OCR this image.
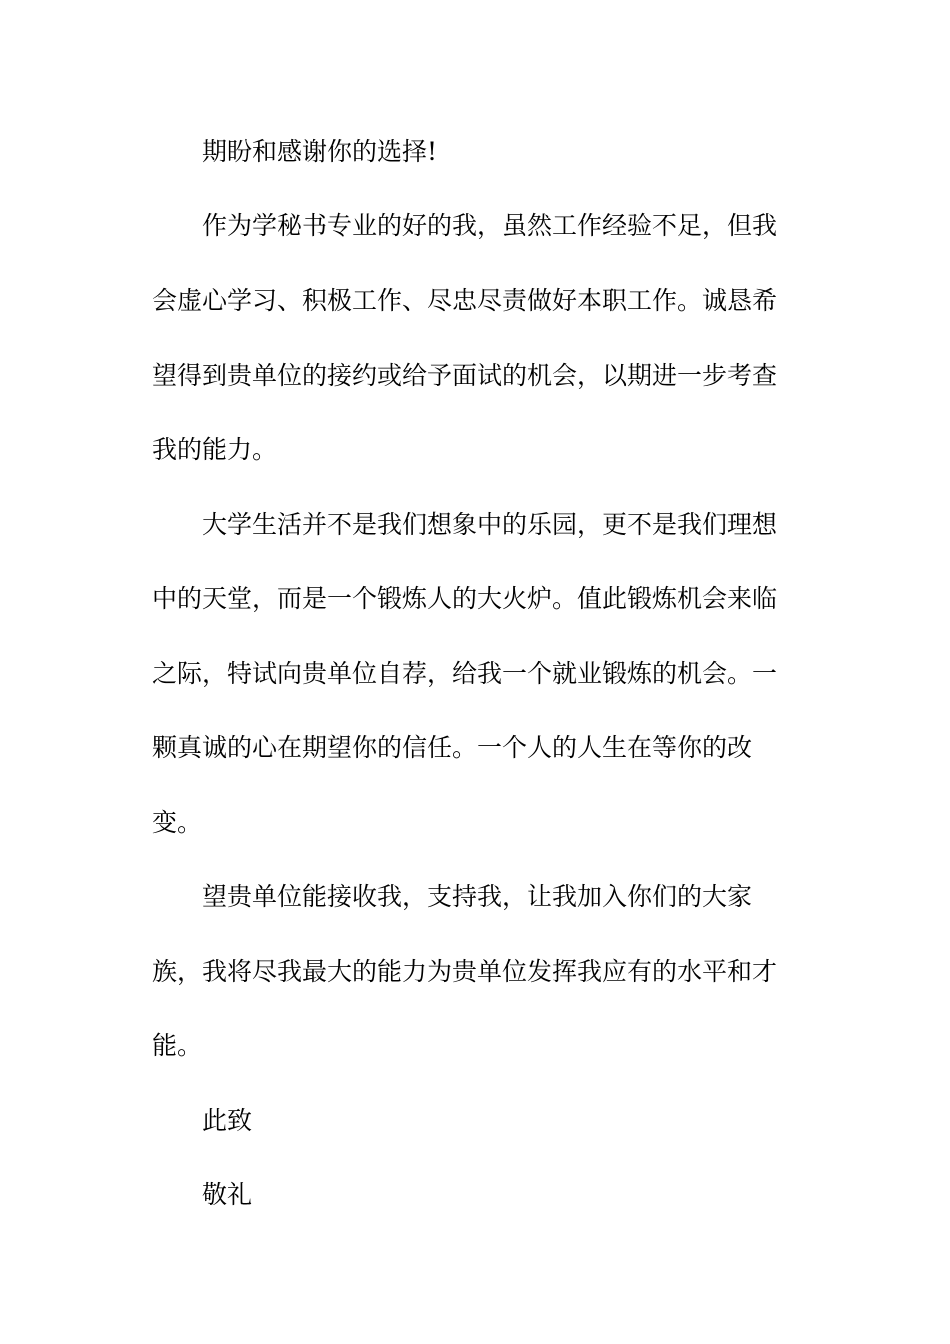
期盼和感谢你的选择!
作为学秘书专业的好的我，虽然工作经验不足，但我
会虚心学习、积极工作、尽忠尽责做好本职工作。诚恳希
望得到贵单位的接约或给予面试的机会，以期进一步考查
我的能力。
大学生活并不是我们想象中的乐园，更不是我们理想
中的天堂，而是一个锻炼人的大火炉。值此锻炼机会来临
之际，特试向贵单位自荐，给我一个就业锻炼的机会。一
颗真诚的心在期望你的信任。一个人的人生在等你的改
变。
望贵单位能接收我，支持我，让我加入你们的大家
族，我将尽我最大的能力为贵单位发挥我应有的水平和才
能。
此致
敬礼
